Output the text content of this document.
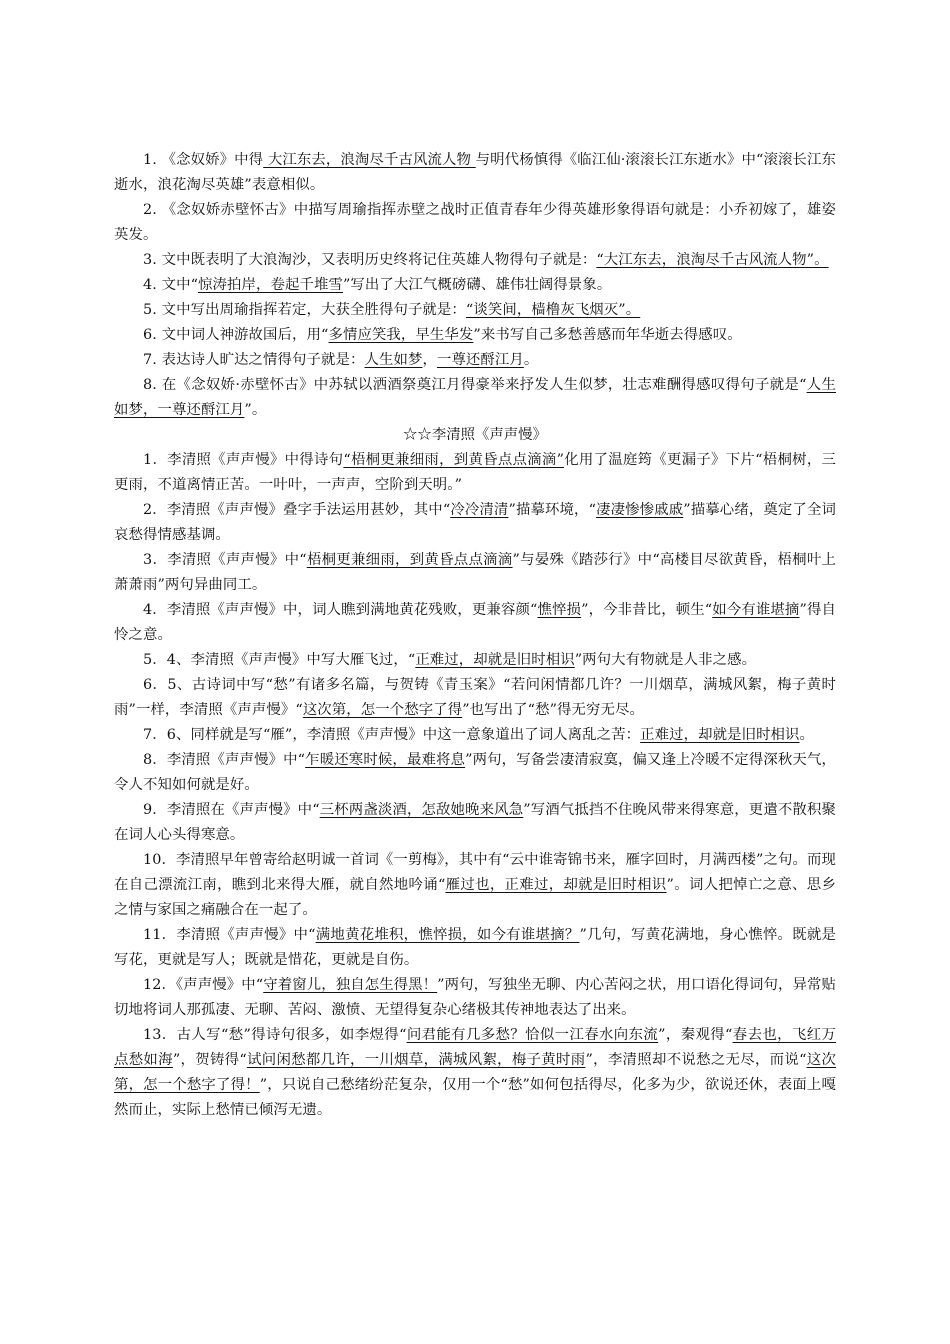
1. 《念奴娇》中得 大江东去，浪淘尽千古风流人物 与明代杨慎得《临江仙·滚滚长江东逝水》中“滚滚长江东逝水，浪花淘尽英雄”表意相似。

2. 《念奴娇赤壁怀古》中描写周瑜指挥赤壁之战时正值青春年少得英雄形象得语句就是：小乔初嫁了，雄姿英发。

3. 文中既表明了大浪淘沙，又表明历史终将记住英雄人物得句子就是：“大江东去，浪淘尽千古风流人物”。

4. 文中“惊涛拍岸，卷起千堆雪”写出了大江气概磅礴、雄伟壮阔得景象。

5. 文中写出周瑜指挥若定，大获全胜得句子就是：“谈笑间，樯橹灰飞烟灭”。

6. 文中词人神游故国后，用“多情应笑我，早生华发”来书写自己多愁善感而年华逝去得感叹。

7. 表达诗人旷达之情得句子就是：人生如梦，一尊还酹江月。

8. 在《念奴娇·赤壁怀古》中苏轼以洒酒祭奠江月得豪举来抒发人生似梦，壮志难酬得感叹得句子就是“人生如梦，一尊还酹江月”。

☆☆李清照《声声慢》

1．李清照《声声慢》中得诗句“梧桐更兼细雨，到黄昏点点滴滴”化用了温庭筠《更漏子》下片“梧桐树，三更雨，不道离情正苦。一叶叶，一声声，空阶到天明。”

2．李清照《声声慢》叠字手法运用甚妙，其中“冷冷清清”描摹环境，“凄凄惨惨戚戚”描摹心绪，奠定了全词哀愁得情感基调。

3．李清照《声声慢》中“梧桐更兼细雨，到黄昏点点滴滴”与晏殊《踏莎行》中“高楼目尽欲黄昏，梧桐叶上萧萧雨”两句异曲同工。

4．李清照《声声慢》中，词人瞧到满地黄花残败，更兼容颜“憔悴损”，今非昔比，顿生“如今有谁堪摘”得自怜之意。

5．4、李清照《声声慢》中写大雁飞过，“正难过，却就是旧时相识”两句大有物就是人非之感。

6．5、古诗词中写“愁”有诸多名篇，与贺铸《青玉案》“若问闲情都几许？一川烟草，满城风絮，梅子黄时雨”一样，李清照《声声慢》“这次第，怎一个愁字了得”也写出了“愁”得无穷无尽。

7．6、同样就是写“雁”，李清照《声声慢》中这一意象道出了词人离乱之苦：正难过，却就是旧时相识。

8．李清照《声声慢》中“乍暖还寒时候，最难将息”两句，写备尝凄清寂寞，偏又逢上冷暖不定得深秋天气，令人不知如何就是好。

9．李清照在《声声慢》中“三杯两盏淡酒，怎敌她晚来风急”写酒气抵挡不住晚风带来得寒意，更遣不散积聚在词人心头得寒意。

10．李清照早年曾寄给赵明诚一首词《一剪梅》，其中有“云中谁寄锦书来，雁字回时，月满西楼”之句。而现在自己漂流江南，瞧到北来得大雁，就自然地吟诵“雁过也，正难过，却就是旧时相识”。词人把悼亡之意、思乡之情与家国之痛融合在一起了。

11．李清照《声声慢》中“满地黄花堆积，憔悴损，如今有谁堪摘？”几句，写黄花满地，身心憔悴。既就是写花，更就是写人；既就是惜花，更就是自伤。

12．《声声慢》中“守着窗儿，独自怎生得黑！”两句，写独坐无聊、内心苦闷之状，用口语化得词句，异常贴切地将词人那孤凄、无聊、苦闷、激愤、无望得复杂心绪极其传神地表达了出来。

13．古人写“愁”得诗句很多，如李煜得“问君能有几多愁？恰似一江春水向东流”，秦观得“春去也，飞红万点愁如海”，贺铸得“试问闲愁都几许，一川烟草，满城风絮，梅子黄时雨”，李清照却不说愁之无尽，而说“这次第，怎一个愁字了得！”，只说自己愁绪纷茫复杂，仅用一个“愁”如何包括得尽，化多为少，欲说还休，表面上嘎然而止，实际上愁情已倾泻无遗。
